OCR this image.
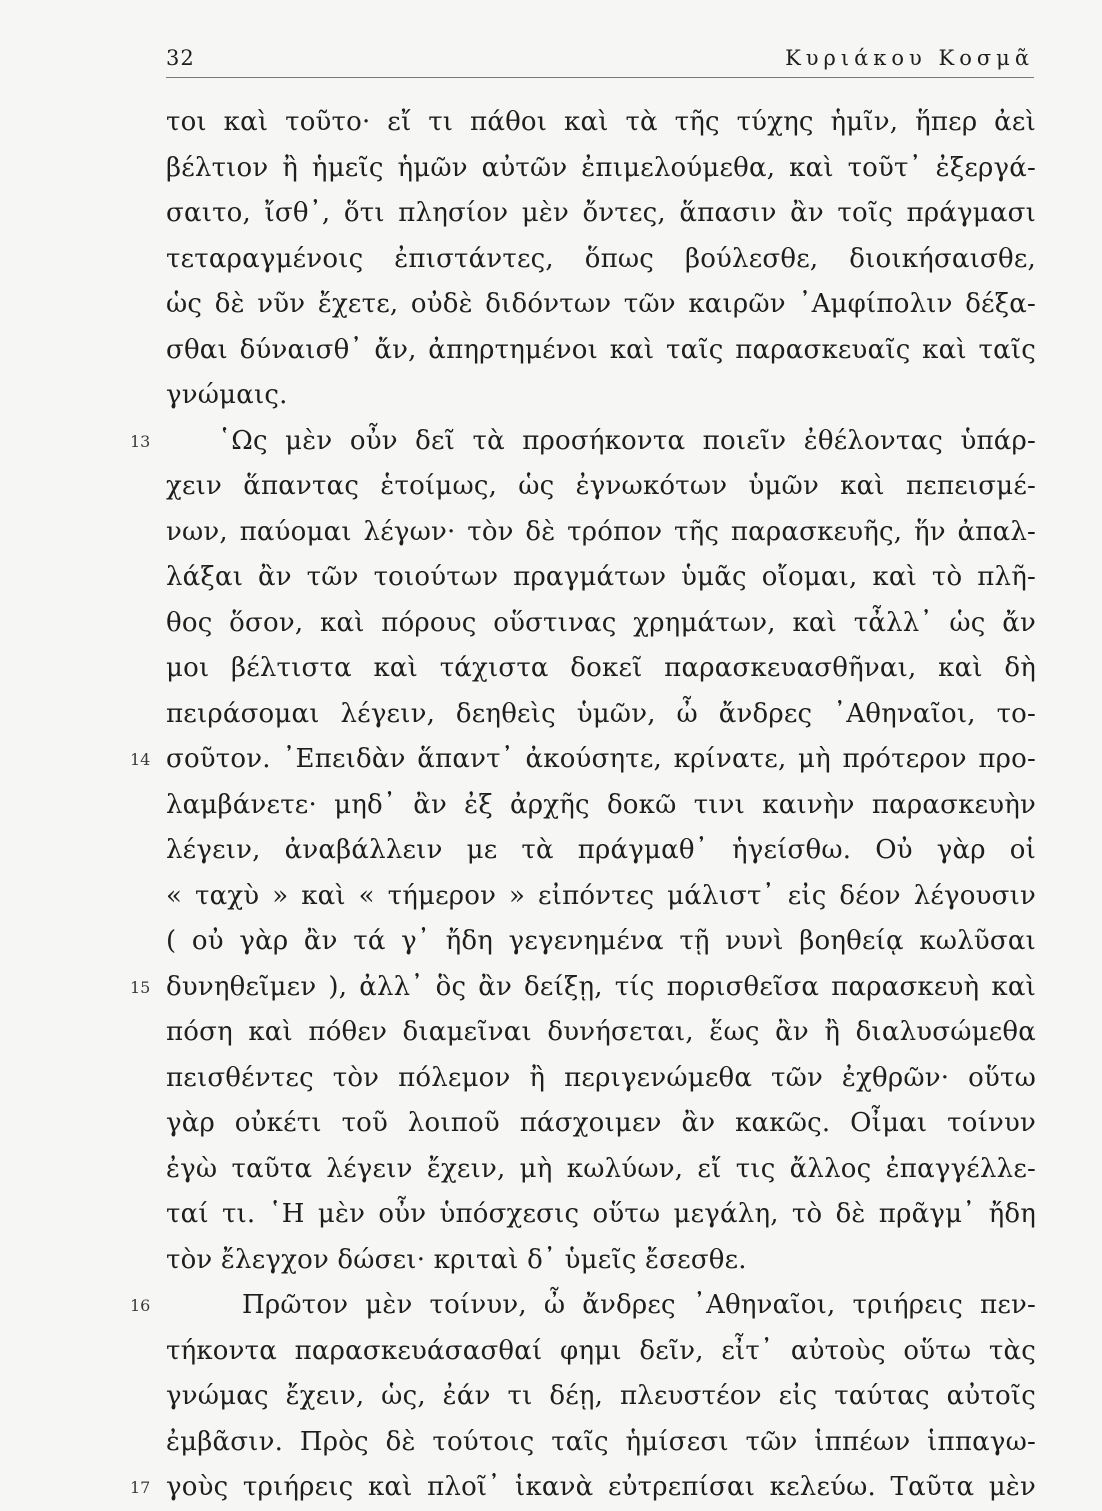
32	Κυριάκου Κοσμᾶ
τοι καὶ τοῦτο· εἴ τι πάθοι καὶ τὰ τῆς τύχης ἡμῖν, ἥπερ ἀεὶ
βέλτιον ἢ ἡμεῖς ἡμῶν αὐτῶν ἐπιμελούμεθα, καὶ τοῦτ᾽ ἐξεργά-
σαιτο, ἴσθ᾽, ὅτι πλησίον μὲν ὄντες, ἅπασιν ἂν τοῖς πράγμασι
τεταραγμένοις ἐπιστάντες, ὅπως βούλεσθε, διοικήσαισθε,
ὡς δὲ νῦν ἔχετε, οὐδὲ διδόντων τῶν καιρῶν ᾿Αμφίπολιν δέξα-
σθαι δύναισθ᾽ ἄν, ἀπηρτημένοι καὶ ταῖς παρασκευαῖς καὶ ταῖς
γνώμαις.
13	῾Ως μὲν οὖν δεῖ τὰ προσήκοντα ποιεῖν ἐθέλοντας ὑπάρ-
χειν ἅπαντας ἑτοίμως, ὡς ἐγνωκότων ὑμῶν καὶ πεπεισμέ-
νων, παύομαι λέγων· τὸν δὲ τρόπον τῆς παρασκευῆς, ἥν ἀπαλ-
λάξαι ἂν τῶν τοιούτων πραγμάτων ὑμᾶς οἴομαι, καὶ τὸ πλῆ-
θος ὅσον, καὶ πόρους οὕστινας χρημάτων, καὶ τἆλλ᾽ ὡς ἄν
μοι βέλτιστα καὶ τάχιστα δοκεῖ παρασκευασθῆναι, καὶ δὴ
πειράσομαι λέγειν, δεηθεὶς ὑμῶν, ὦ ἄνδρες ᾿Αθηναῖοι, το-
14 σοῦτον. ᾿Επειδὰν ἅπαντ᾽ ἀκούσητε, κρίνατε, μὴ πρότερον προ-
λαμβάνετε· μηδ᾽ ἂν ἐξ ἀρχῆς δοκῶ τινι καινὴν παρασκευὴν
λέγειν, ἀναβάλλειν με τὰ πράγμαθ᾽ ἡγείσθω. Οὐ γὰρ οἱ
« ταχὺ » καὶ « τήμερον » εἰπόντες μάλιστ᾽ εἰς δέον λέγουσιν
( οὐ γὰρ ἂν τά γ᾽ ἤδη γεγενημένα τῇ νυνὶ βοηθείᾳ κωλῦσαι
15 δυνηθεῖμεν ), ἀλλ᾽ ὃς ἂν δείξῃ, τίς πορισθεῖσα παρασκευὴ καὶ
πόση καὶ πόθεν διαμεῖναι δυνήσεται, ἕως ἂν ἢ διαλυσώμεθα
πεισθέντες τὸν πόλεμον ἢ περιγενώμεθα τῶν ἐχθρῶν· οὕτω
γὰρ οὐκέτι τοῦ λοιποῦ πάσχοιμεν ἂν κακῶς. Οἶμαι τοίνυν
ἐγὼ ταῦτα λέγειν ἔχειν, μὴ κωλύων, εἴ τις ἄλλος ἐπαγγέλλε-
ταί τι. ῾Η μὲν οὖν ὑπόσχεσις οὕτω μεγάλη, τὸ δὲ πρᾶγμ᾽ ἤδη
τὸν ἔλεγχον δώσει· κριταὶ δ᾽ ὑμεῖς ἔσεσθε.
16	Πρῶτον μὲν τοίνυν, ὦ ἄνδρες ᾿Αθηναῖοι, τριήρεις πεν-
τήκοντα παρασκευάσασθαί φημι δεῖν, εἶτ᾽ αὐτοὺς οὕτω τὰς
γνώμας ἔχειν, ὡς, ἐάν τι δέῃ, πλευστέον εἰς ταύτας αὐτοῖς
ἐμβᾶσιν. Πρὸς δὲ τούτοις ταῖς ἡμίσεσι τῶν ἱππέων ἱππαγω-
17 γοὺς τριήρεις καὶ πλοῖ᾽ ἱκανὰ εὐτρεπίσαι κελεύω. Ταῦτα μὲν
